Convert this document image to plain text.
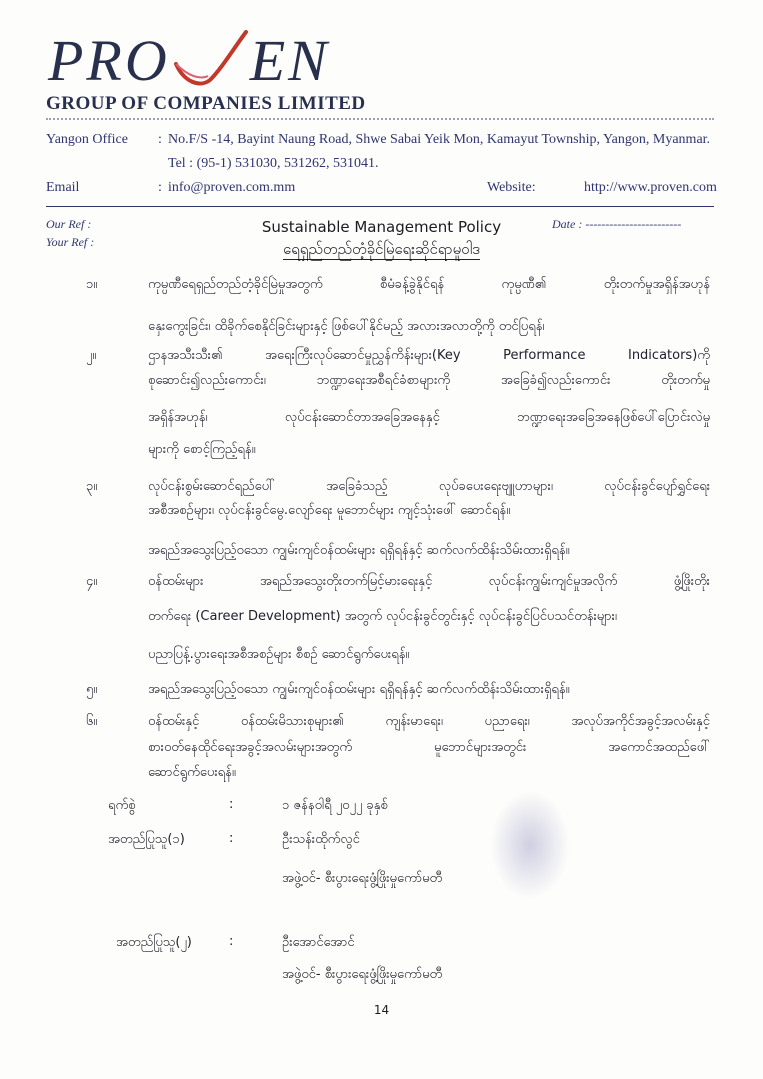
PRO EN
GROUP OF COMPANIES LIMITED
Yangon Office : No.F/S -14, Bayint Naung Road, Shwe Sabai Yeik Mon, Kamayut Township, Yangon, Myanmar.
Tel : (95-1) 531030, 531262, 531041.
Email	: info@proven.com.mm	Website:	http://www.proven.com
Our Ref :
Your Ref :
Date : ------------------------
Sustainable Management Policy
ရေရှည်တည်တံ့ခိုင်မြဲရေးဆိုင်ရာမူဝါဒ
၁။	ကုမ္ပဏီရေရှည်တည်တံ့ခိုင်မြဲမှုအတွက် စီမံခန့်ခွဲနိုင်ရန် ကုမ္ပဏီ၏ တိုးတက်မှုအရှိန်အဟုန်
နှေးကွေးခြင်း၊ ထိခိုက်စေနိုင်ခြင်းများနှင့် ဖြစ်ပေါ်နိုင်မည့် အလားအလာတို့ကို တင်ပြရန်၊
၂။	ဌာနအသီးသီး၏ အရေးကြီးလုပ်ဆောင်မှုညွှန်ကိန်းများ(Key Performance Indicators)ကို
စုဆောင်း၍လည်းကောင်း၊ ဘဏ္ဍာရေးအစီရင်ခံစာများကို အခြေခံ၍လည်းကောင်း တိုးတက်မှု
အရှိန်အဟုန်၊ လုပ်ငန်းဆောင်တာအခြေအနေနှင့် ဘဏ္ဍာရေးအခြေအနေဖြစ်ပေါ်ပြောင်းလဲမှု
များကို စောင့်ကြည့်ရန်။
၃။	လုပ်ငန်းစွမ်းဆောင်ရည်ပေါ် အခြေခံသည့် လုပ်ခပေးရေးဗျူဟာများ၊ လုပ်ငန်းခွင်ပျော်ရွှင်ရေး
အစီအစဉ်များ၊ လုပ်ငန်းခွင်မွေ.လျော်ရေး မူဘောင်များ ကျင့်သုံးဖေါ် ဆောင်ရန်။
အရည်အသွေးပြည့်ဝသော ကျွမ်းကျင်ဝန်ထမ်းများ ရရှိရန်နှင့် ဆက်လက်ထိန်းသိမ်းထားရှိရန်။
၄။	ဝန်ထမ်းများ အရည်အသွေးတိုးတက်မြင့်မားရေးနှင့် လုပ်ငန်းကျွမ်းကျင်မှုအလိုက် ဖွံ့ဖြိုးတိုး
တက်ရေး (Career Development) အတွက် လုပ်ငန်းခွင်တွင်းနှင့် လုပ်ငန်းခွင်ပြင်ပသင်တန်းများ၊
ပညာပြန့်.ပွားရေးအစီအစဉ်များ စီစဉ် ဆောင်ရွက်ပေးရန်။
၅။	အရည်အသွေးပြည့်ဝသော ကျွမ်းကျင်ဝန်ထမ်းများ ရရှိရန်နှင့် ဆက်လက်ထိန်းသိမ်းထားရှိရန်။
၆။	ဝန်ထမ်းနှင့် ဝန်ထမ်းမိသားစုများ၏ ကျန်းမာရေး၊ ပညာရေး၊ အလုပ်အကိုင်အခွင့်အလမ်းနှင့်
စားဝတ်နေထိုင်ရေးအခွင့်အလမ်းများအတွက် မူဘောင်များအတွင်း အကောင်အထည်ဖေါ်
ဆောင်ရွက်ပေးရန်။
ရက်စွဲ	:	၁ ဇန်နဝါရီ ၂၀၂၂ ခုနှစ်
အတည်ပြုသူ(၁)	:	ဦးသန်းထိုက်လွင်
အဖွဲ့ဝင်- စီးပွားရေးဖွံ့ဖြိုးမှုကော်မတီ
အတည်ပြုသူ(၂)	:	ဦးအောင်အောင်
အဖွဲ့ဝင်- စီးပွားရေးဖွံ့ဖြိုးမှုကော်မတီ
14
